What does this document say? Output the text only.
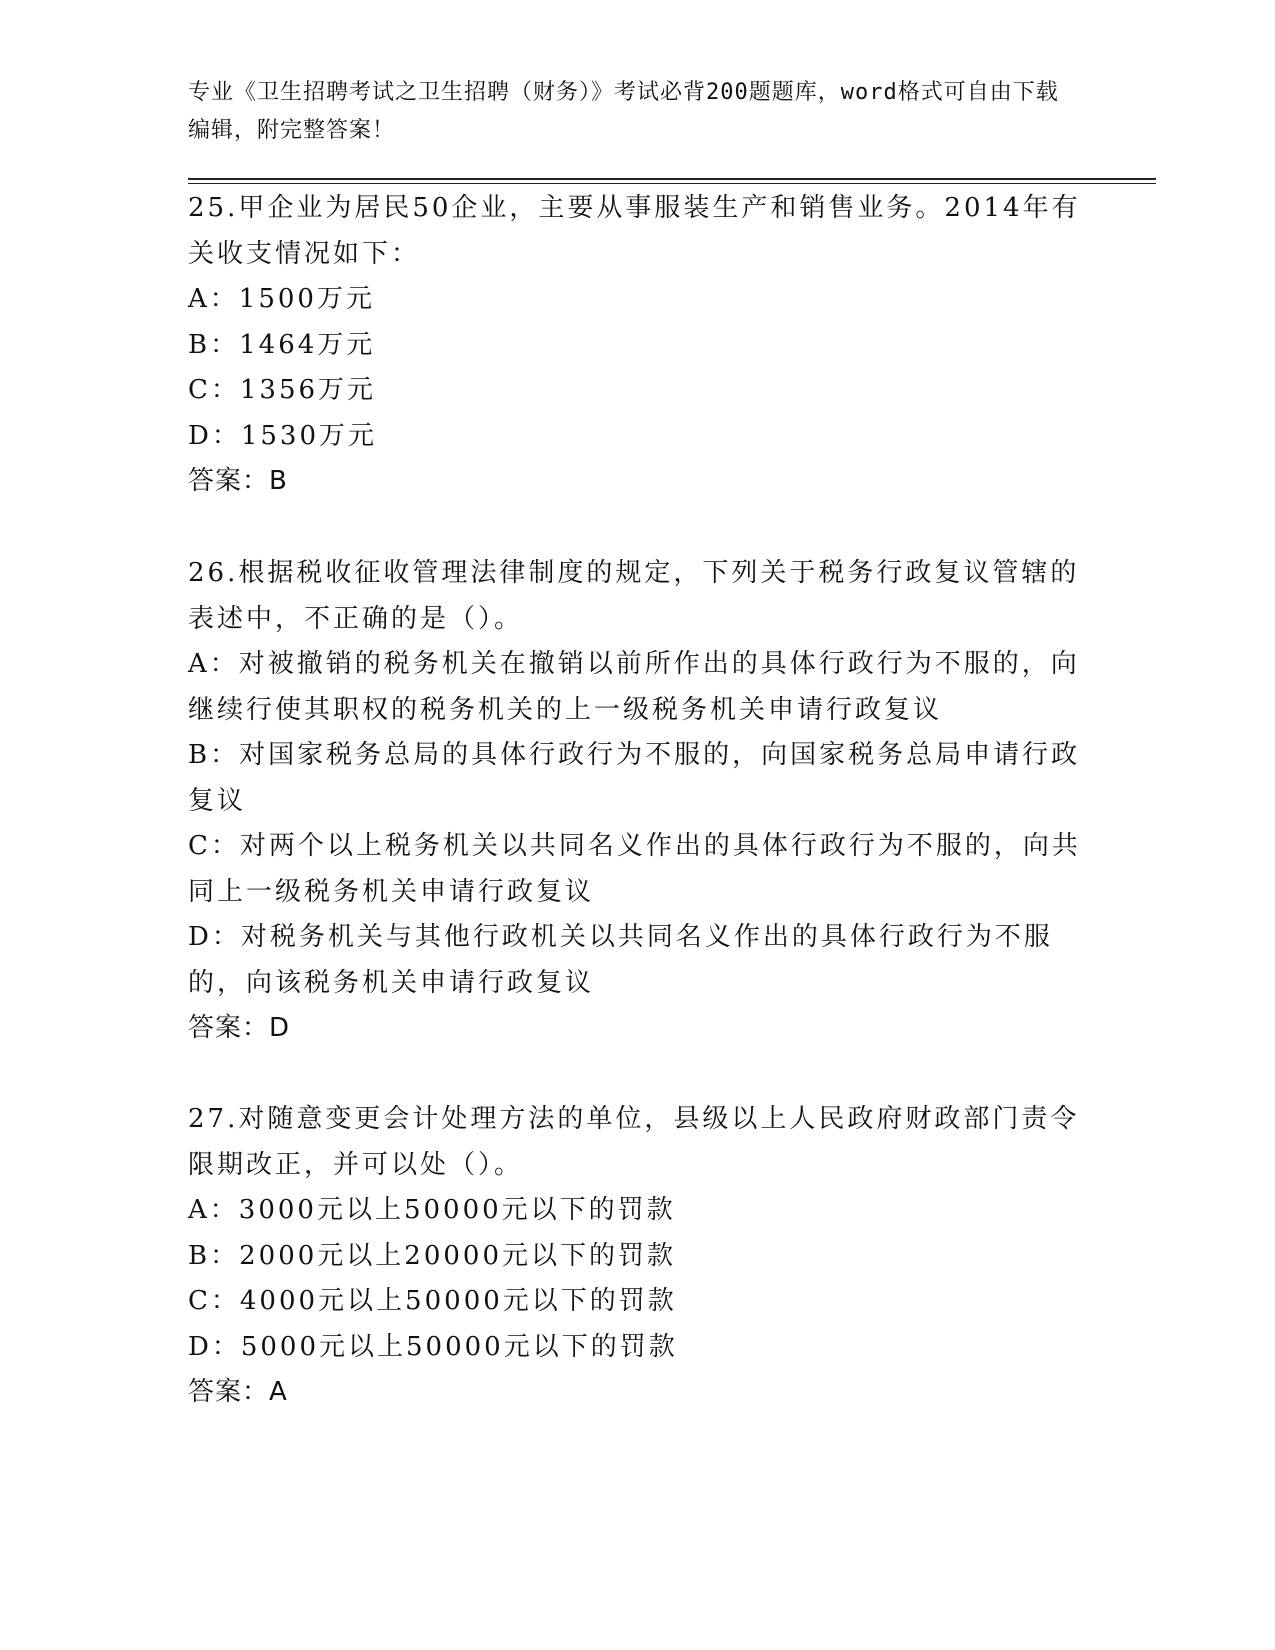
专业《卫生招聘考试之卫生招聘（财务）》考试必背200题题库，word格式可自由下载编辑，附完整答案！

25.甲企业为居民50企业，主要从事服装生产和销售业务。2014年有关收支情况如下：

A：1500万元

B：1464万元

C：1356万元

D：1530万元

答案：B

26.根据税收征收管理法律制度的规定，下列关于税务行政复议管辖的表述中，不正确的是（）。

A：对被撤销的税务机关在撤销以前所作出的具体行政行为不服的，向继续行使其职权的税务机关的上一级税务机关申请行政复议

B：对国家税务总局的具体行政行为不服的，向国家税务总局申请行政复议

C：对两个以上税务机关以共同名义作出的具体行政行为不服的，向共同上一级税务机关申请行政复议

D：对税务机关与其他行政机关以共同名义作出的具体行政行为不服的，向该税务机关申请行政复议

答案：D

27.对随意变更会计处理方法的单位，县级以上人民政府财政部门责令限期改正，并可以处（）。

A：3000元以上50000元以下的罚款

B：2000元以上20000元以下的罚款

C：4000元以上50000元以下的罚款

D：5000元以上50000元以下的罚款

答案：A
